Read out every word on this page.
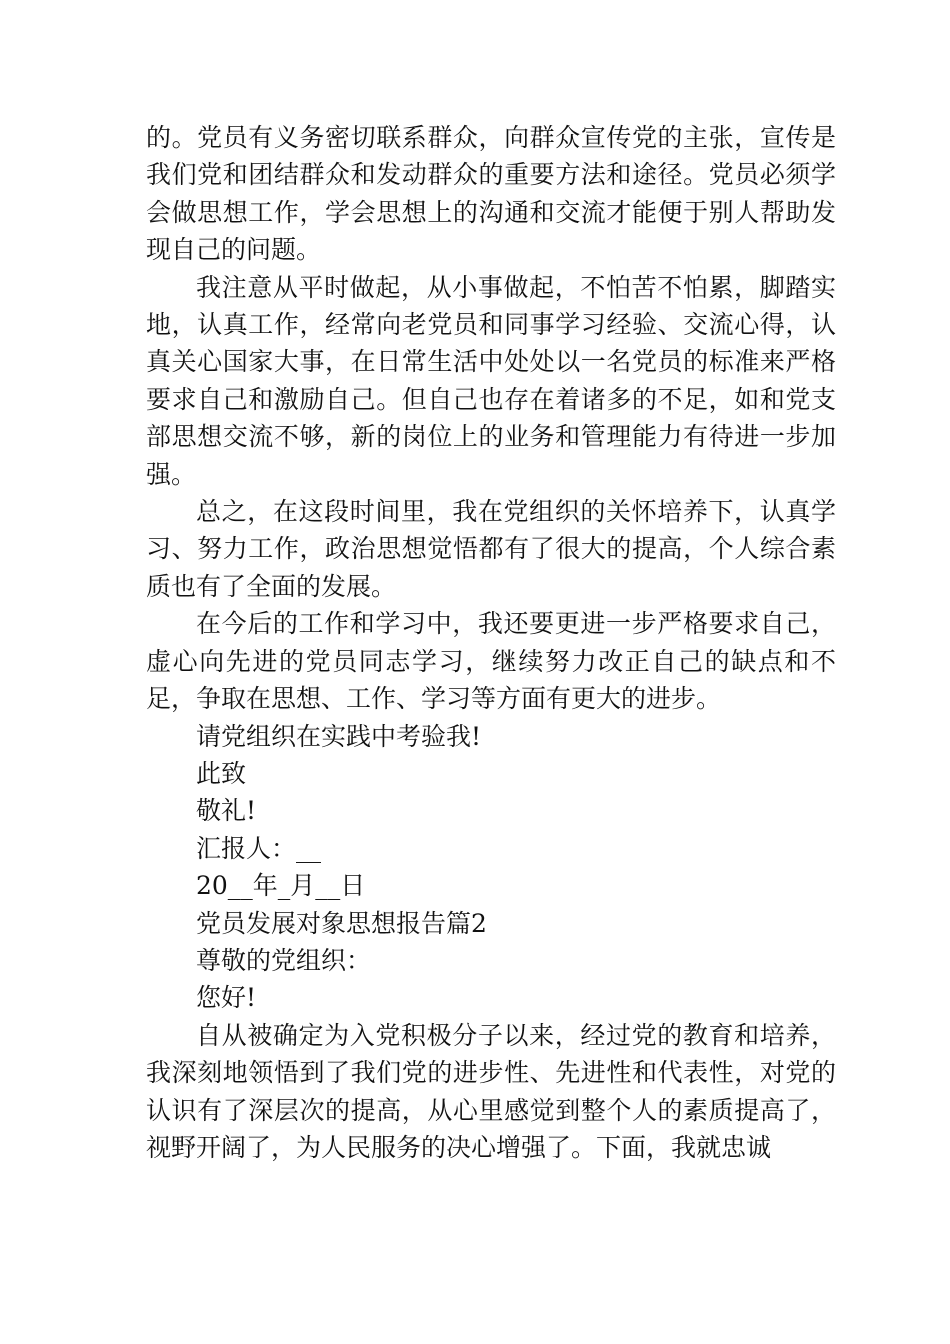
的。党员有义务密切联系群众，向群众宣传党的主张，宣传是我们党和团结群众和发动群众的重要方法和途径。党员必须学会做思想工作，学会思想上的沟通和交流才能便于别人帮助发现自己的问题。

我注意从平时做起，从小事做起，不怕苦不怕累，脚踏实地，认真工作，经常向老党员和同事学习经验、交流心得，认真关心国家大事，在日常生活中处处以一名党员的标准来严格要求自己和激励自己。但自己也存在着诸多的不足，如和党支部思想交流不够，新的岗位上的业务和管理能力有待进一步加强。

总之，在这段时间里，我在党组织的关怀培养下，认真学习、努力工作，政治思想觉悟都有了很大的提高，个人综合素质也有了全面的发展。

在今后的工作和学习中，我还要更进一步严格要求自己，虚心向先进的党员同志学习，继续努力改正自己的缺点和不足，争取在思想、工作、学习等方面有更大的进步。

请党组织在实践中考验我!

此致

敬礼!

汇报人：__

20__年_月__日

党员发展对象思想报告篇2

尊敬的党组织：

您好!

自从被确定为入党积极分子以来，经过党的教育和培养，我深刻地领悟到了我们党的进步性、先进性和代表性，对党的认识有了深层次的提高，从心里感觉到整个人的素质提高了，视野开阔了，为人民服务的决心增强了。下面，我就忠诚
